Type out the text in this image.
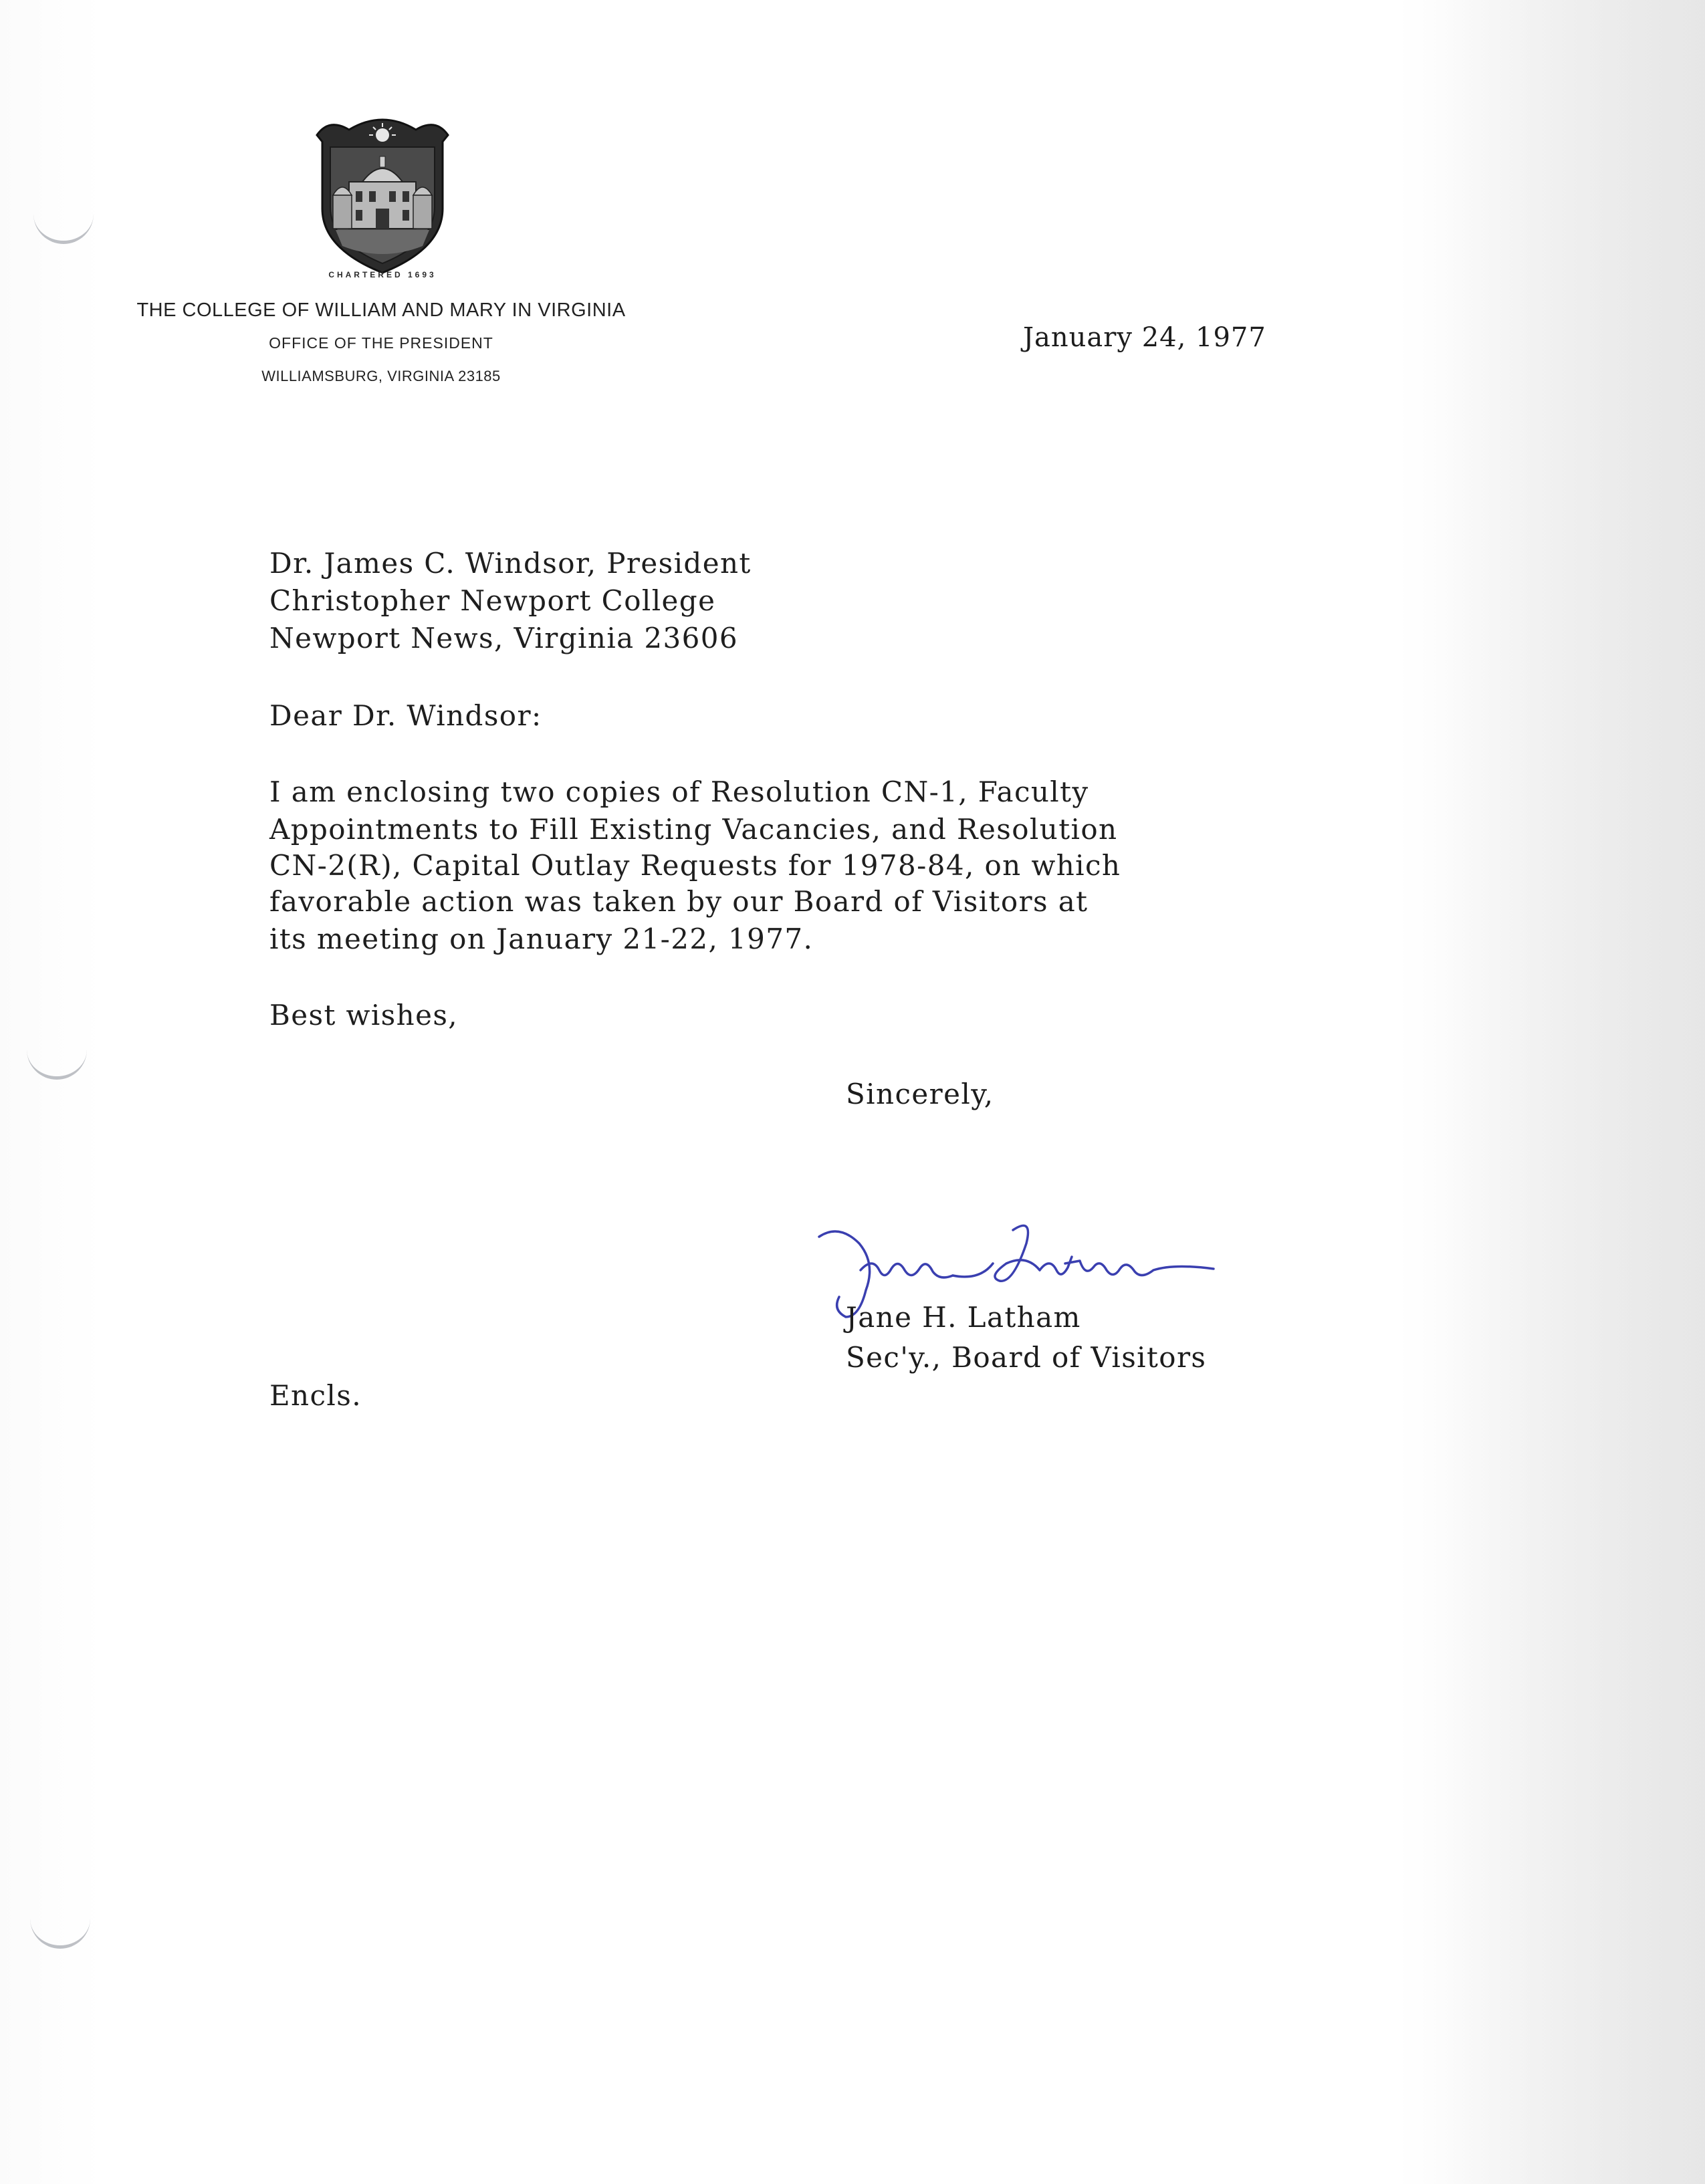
CHARTERED 1693
THE COLLEGE OF WILLIAM AND MARY IN VIRGINIA
OFFICE OF THE PRESIDENT
WILLIAMSBURG, VIRGINIA 23185
January 24, 1977
Dr. James C. Windsor, President
Christopher Newport College
Newport News, Virginia 23606
Dear Dr. Windsor:
I am enclosing two copies of Resolution CN-1, Faculty
Appointments to Fill Existing Vacancies, and Resolution
CN-2(R), Capital Outlay Requests for 1978-84, on which
favorable action was taken by our Board of Visitors at
its meeting on January 21-22, 1977.
Best wishes,
Sincerely,
Jane H. Latham
Sec'y., Board of Visitors
Encls.
